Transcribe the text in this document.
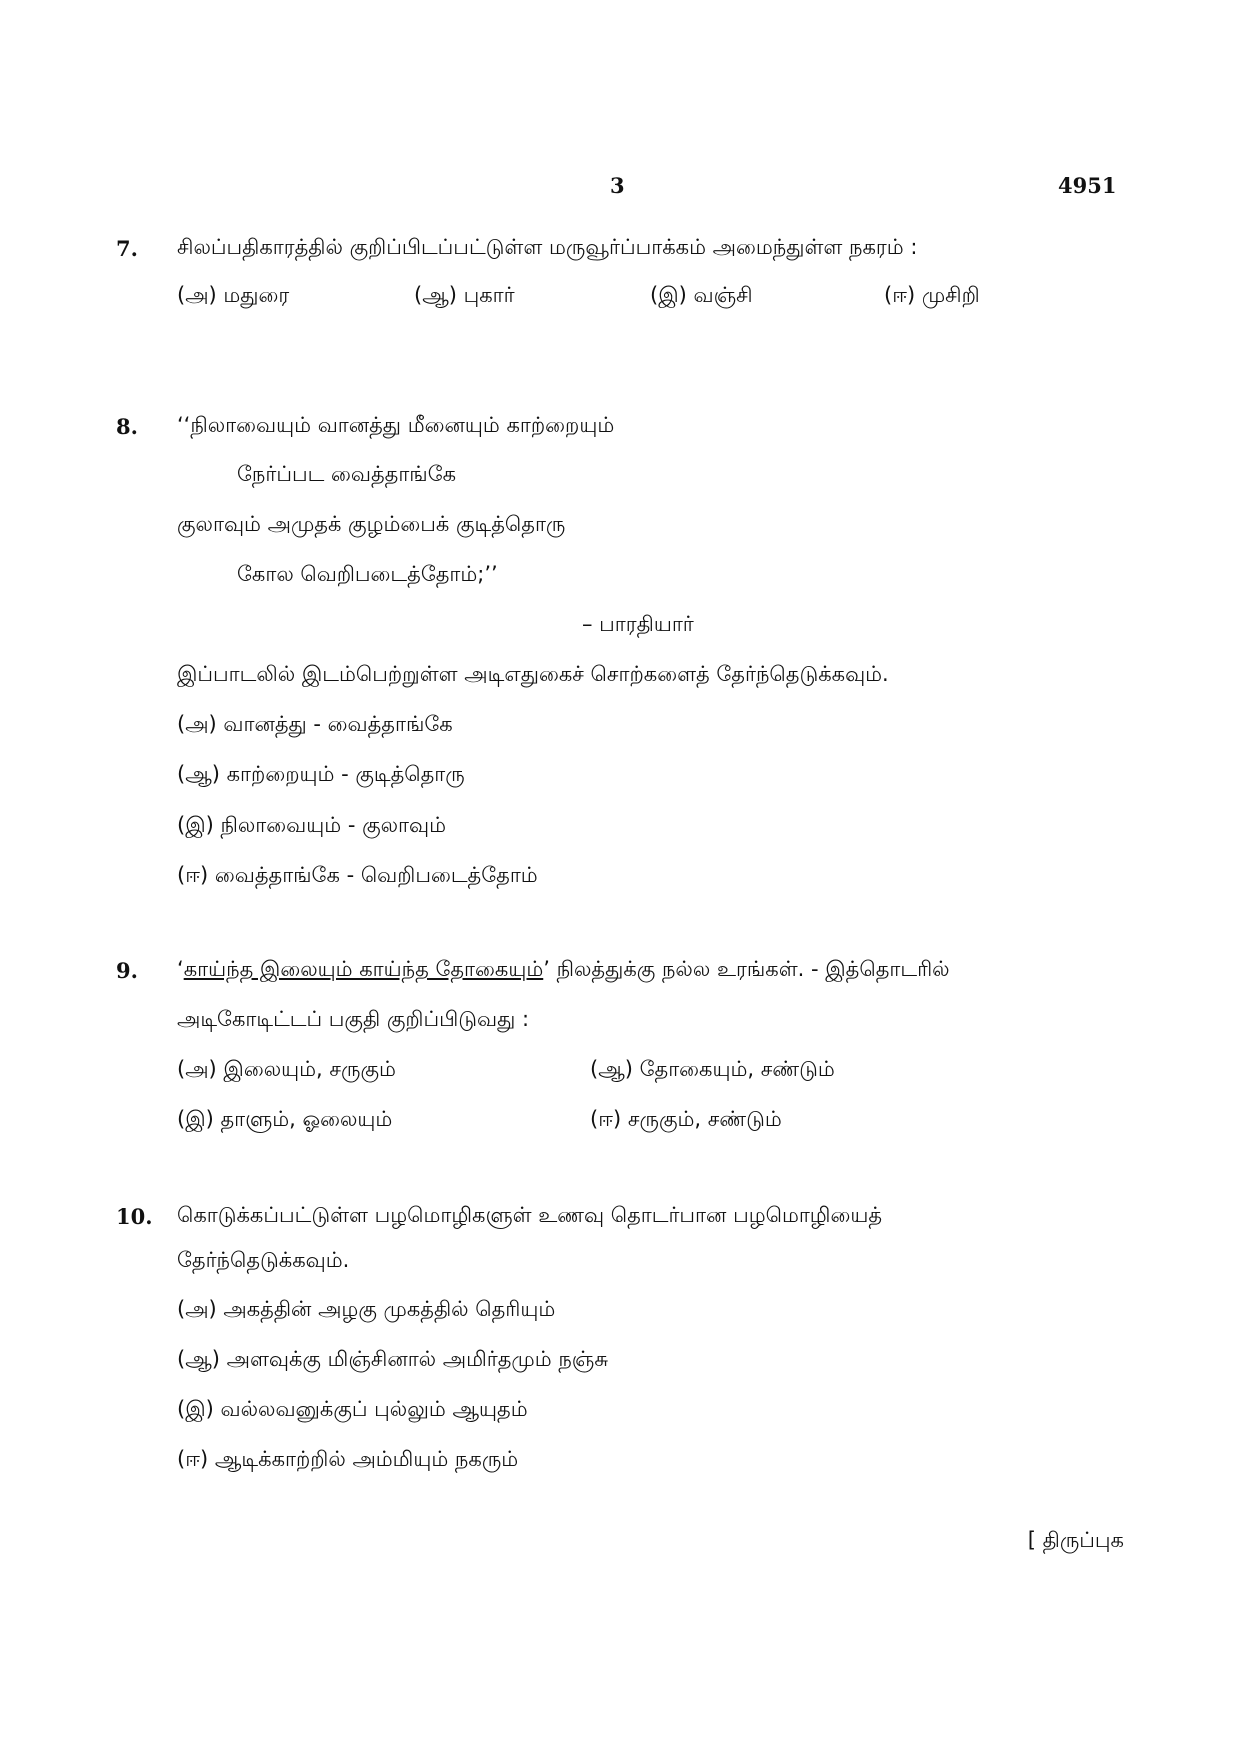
3	4951
7. சிலப்பதிகாரத்தில் குறிப்பிடப்பட்டுள்ள மருவூர்ப்பாக்கம் அமைந்துள்ள நகரம் :
(அ) மதுரை	(ஆ) புகார்	(இ) வஞ்சி	(ஈ) முசிறி
8. ‘‘நிலாவையும் வானத்து மீனையும் காற்றையும்
நேர்ப்பட வைத்தாங்கே
குலாவும் அமுதக் குழம்பைக் குடித்தொரு
கோல வெறிபடைத்தோம்;’’
– பாரதியார்
இப்பாடலில் இடம்பெற்றுள்ள அடிஎதுகைச் சொற்களைத் தேர்ந்தெடுக்கவும்.
(அ) வானத்து - வைத்தாங்கே
(ஆ) காற்றையும் - குடித்தொரு
(இ) நிலாவையும் - குலாவும்
(ஈ) வைத்தாங்கே - வெறிபடைத்தோம்
9. ‘காய்ந்த இலையும் காய்ந்த தோகையும்’ நிலத்துக்கு நல்ல உரங்கள். - இத்தொடரில்
அடிகோடிட்டப் பகுதி குறிப்பிடுவது :
(அ) இலையும், சருகும்	(ஆ) தோகையும், சண்டும்
(இ) தாளும், ஓலையும்	(ஈ) சருகும், சண்டும்
10. கொடுக்கப்பட்டுள்ள பழமொழிகளுள் உணவு தொடர்பான பழமொழியைத்
தேர்ந்தெடுக்கவும்.
(அ) அகத்தின் அழகு முகத்தில் தெரியும்
(ஆ) அளவுக்கு மிஞ்சினால் அமிர்தமும் நஞ்சு
(இ) வல்லவனுக்குப் புல்லும் ஆயுதம்
(ஈ) ஆடிக்காற்றில் அம்மியும் நகரும்
[ திருப்புக
